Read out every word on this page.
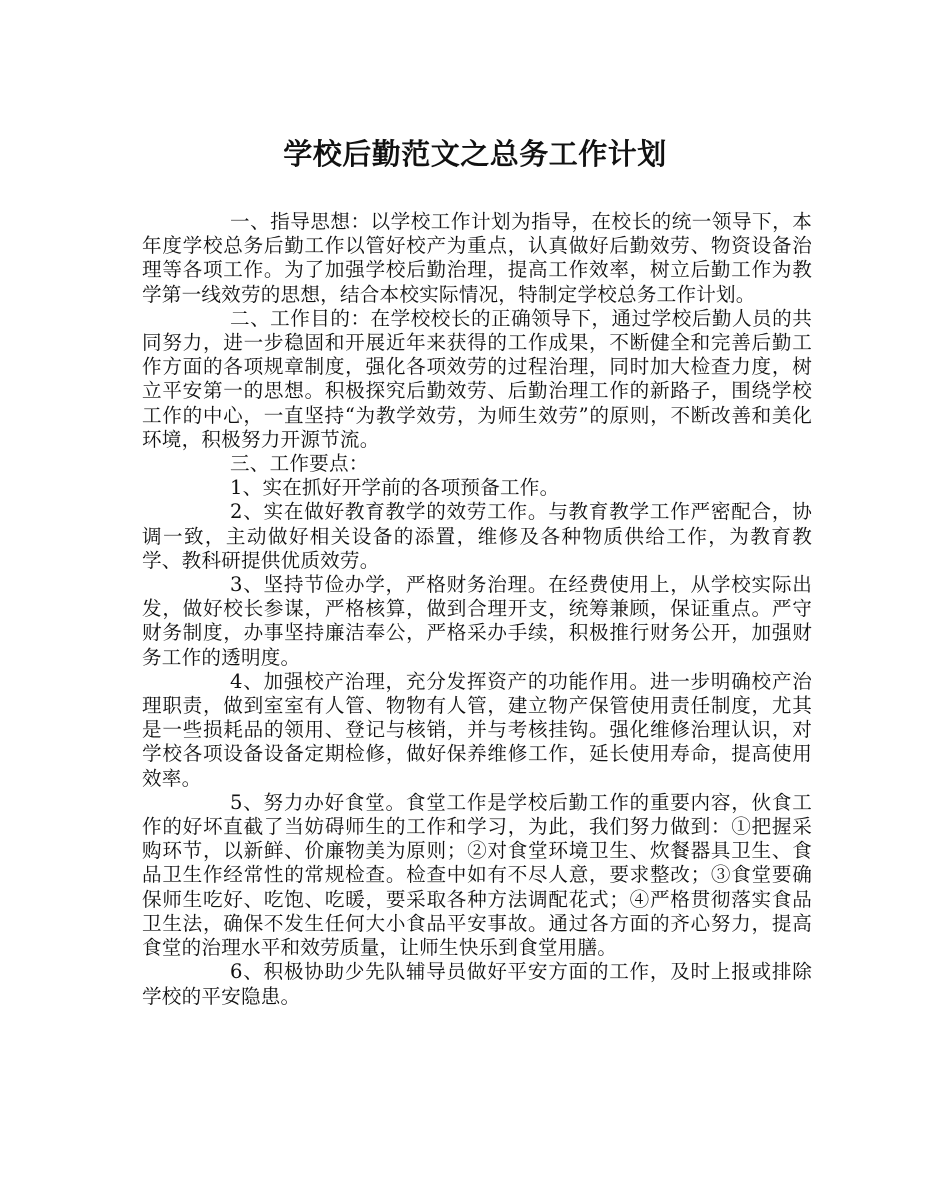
学校后勤范文之总务工作计划

一、指导思想：以学校工作计划为指导，在校长的统一领导下，本年度学校总务后勤工作以管好校产为重点，认真做好后勤效劳、物资设备治理等各项工作。为了加强学校后勤治理，提高工作效率，树立后勤工作为教学第一线效劳的思想，结合本校实际情况，特制定学校总务工作计划。

二、工作目的：在学校校长的正确领导下，通过学校后勤人员的共同努力，进一步稳固和开展近年来获得的工作成果，不断健全和完善后勤工作方面的各项规章制度，强化各项效劳的过程治理，同时加大检查力度，树立平安第一的思想。积极探究后勤效劳、后勤治理工作的新路子，围绕学校工作的中心，一直坚持“为教学效劳，为师生效劳”的原则，不断改善和美化环境，积极努力开源节流。

三、工作要点：

1、实在抓好开学前的各项预备工作。

2、实在做好教育教学的效劳工作。与教育教学工作严密配合，协调一致，主动做好相关设备的添置，维修及各种物质供给工作，为教育教学、教科研提供优质效劳。

3、坚持节俭办学，严格财务治理。在经费使用上，从学校实际出发，做好校长参谋，严格核算，做到合理开支，统筹兼顾，保证重点。严守财务制度，办事坚持廉洁奉公，严格采办手续，积极推行财务公开，加强财务工作的透明度。

4、加强校产治理，充分发挥资产的功能作用。进一步明确校产治理职责，做到室室有人管、物物有人管，建立物产保管使用责任制度，尤其是一些损耗品的领用、登记与核销，并与考核挂钩。强化维修治理认识，对学校各项设备设备定期检修，做好保养维修工作，延长使用寿命，提高使用效率。

5、努力办好食堂。食堂工作是学校后勤工作的重要内容，伙食工作的好坏直截了当妨碍师生的工作和学习，为此，我们努力做到：①把握采购环节，以新鲜、价廉物美为原则；②对食堂环境卫生、炊餐器具卫生、食品卫生作经常性的常规检查。检查中如有不尽人意，要求整改；③食堂要确保师生吃好、吃饱、吃暖，要采取各种方法调配花式；④严格贯彻落实食品卫生法，确保不发生任何大小食品平安事故。通过各方面的齐心努力，提高食堂的治理水平和效劳质量，让师生快乐到食堂用膳。

6、积极协助少先队辅导员做好平安方面的工作，及时上报或排除学校的平安隐患。
